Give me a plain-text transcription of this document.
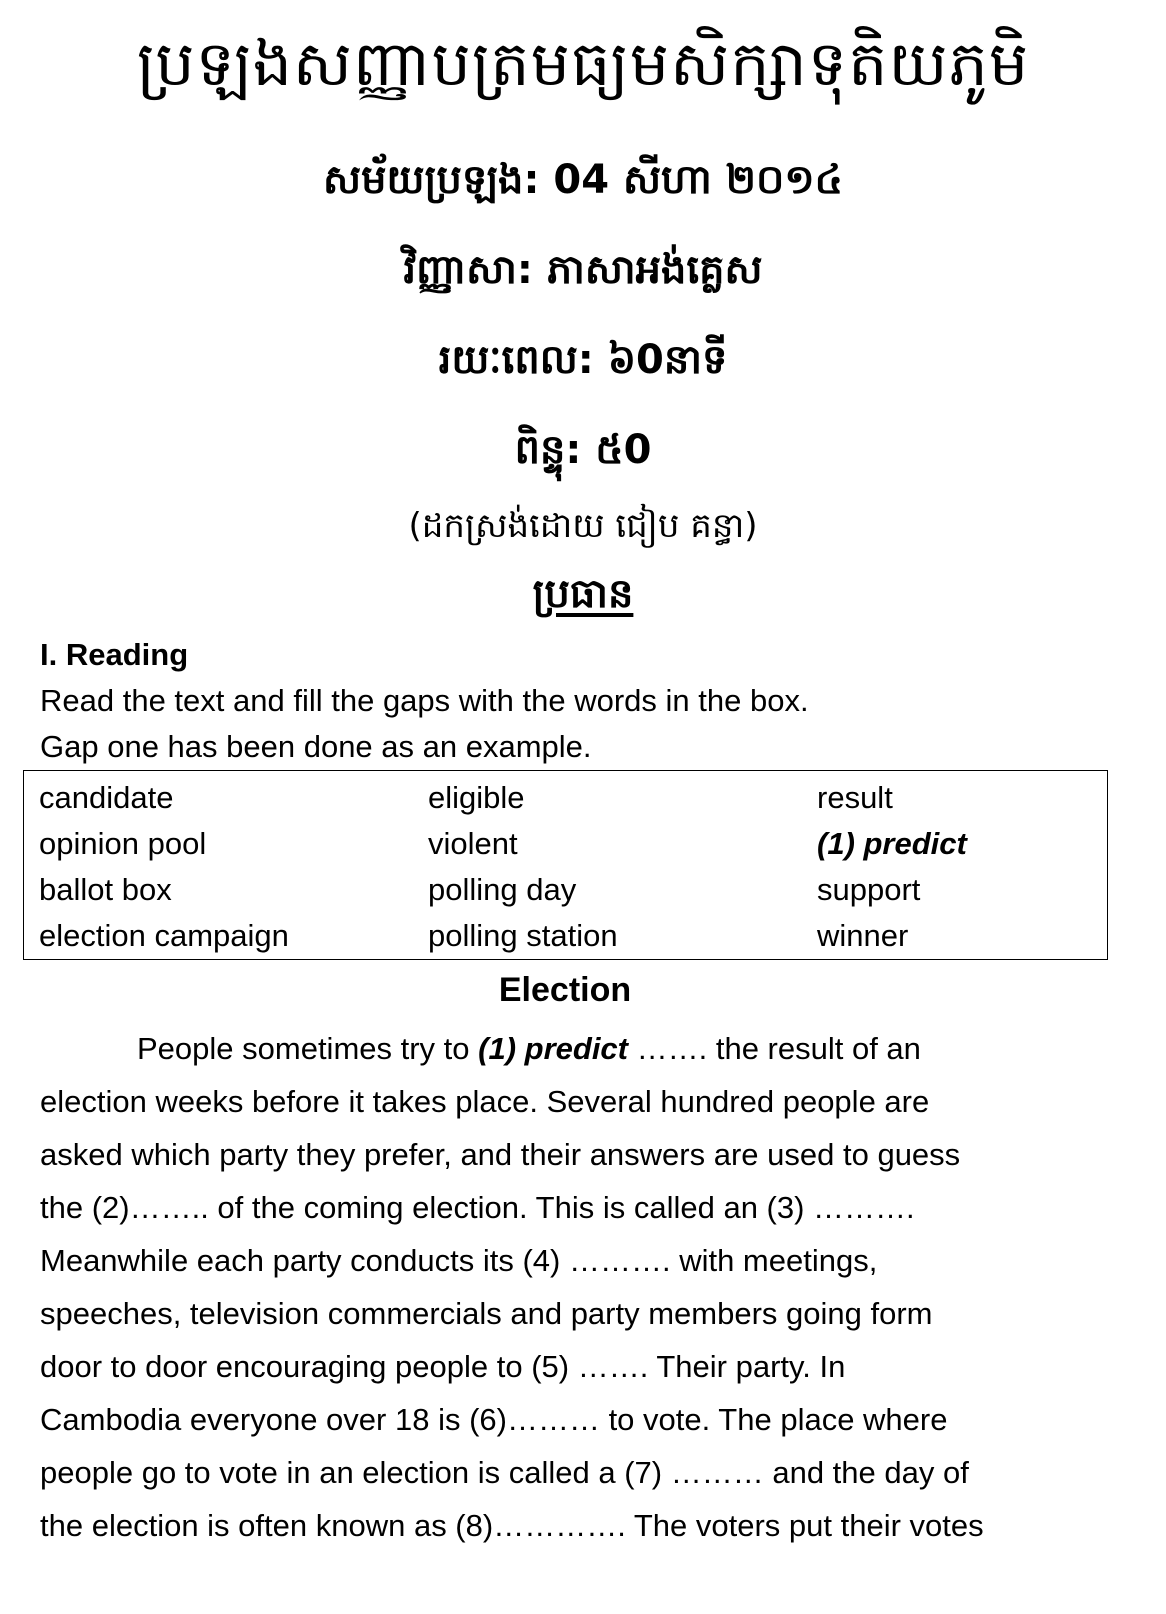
ប្រឡងសញ្ញាបត្រមធ្យមសិក្សាទុតិយភូមិ
សម័យប្រឡង: 04 សីហា ២០១៤
វិញ្ញាសា: ភាសាអង់គ្លេស
រយៈពេល: ៦0នាទី
ពិន្ទុ: ៥0
(ដកស្រង់ដោយ ជៀប គន្ធា)
ប្រធាន
I. Reading
Read the text and fill the gaps with the words in the box.
Gap one has been done as an example.
candidate	eligible	result
opinion pool	violent	(1) predict
ballot box	polling day	support
election campaign	polling station	winner
Election
People sometimes try to (1) predict ……. the result of an
election weeks before it takes place. Several hundred people are
asked which party they prefer, and their answers are used to guess
the (2)…….. of the coming election. This is called an (3) ……….
Meanwhile each party conducts its (4) ………. with meetings,
speeches, television commercials and party members going form
door to door encouraging people to (5) ……. Their party. In
Cambodia everyone over 18 is (6)……… to vote. The place where
people go to vote in an election is called a (7) ……… and the day of
the election is often known as (8)…………. The voters put their votes
